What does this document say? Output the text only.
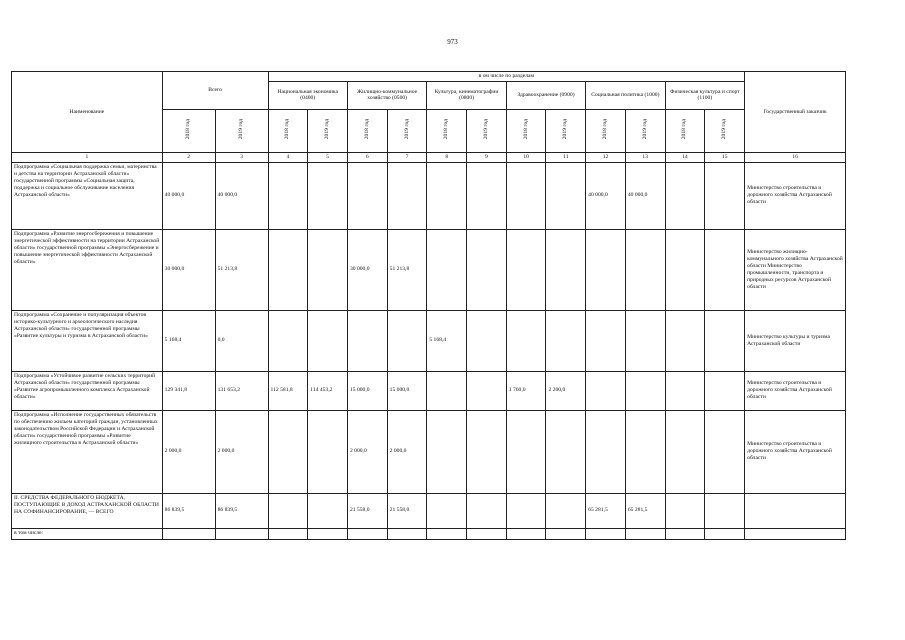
973
Наименование	Всего		в ом числе по разделам												Государственный заказчик
			Национальная экономика (0400)		Жилищно-коммунальное хозяйство (0500)		Культура, кинематографии (0800)		Здравоохранение (0900)		Социальная политика (1000)		Физическая культура и спорт (1100)		
	2018 год	2019 год	2018 год	2019 год	2018 год	2019 год	2018 год	2019 год	2018 год	2019 год	2018 год	2019 год	2018 год	2019 год	
1	2	3	4	5	6	7	8	9	10	11	12	13	14	15	16
Подпрограмма «Социальная поддержка семьи, материнства и детства на территории Астраханской области» государственной программы «Социальная защита, поддержка и социальное обслуживание населения Астраханской области»	40 000,0	40 000,0									40 000,0	40 000,0			Министерство строительства и дорожного хозяйства Астраханской области
Подпрограмма «Развитие энергосбережения и повышение энергетической эффективности на территории Астраханской области» государственной программы «Энергосбережение и повышение энергетической эффективности Астраханской области»	30 000,0	51 213,8			30 000,0	51 213,8									Министерство жилищно-коммунального хозяйства Астраханской области Министерство промышленности, транспорта и природных ресурсов Астраханской области
Подпрограмма «Сохранение и популяризация объектов историко-культурного и археологического наследия Астраханской области» государственной программы «Развитие культуры и туризма в Астраханской области»	5 168,4	0,0					5 168,4								Министерство культуры и туризма Астраханской области
Подпрограмма «Устойчивое развитие сельских территорий Астраханской области» государственной программы «Развитие агропромышленного комплекса Астраханской области»	129 341,8	131 653,2	112 581,8	114 453,2	15 000,0	15 000,0			1 760,0	2 200,0					Министерство строительства и дорожного хозяйства Астраханской области
Подпрограмма «Исполнение государственных обязательств по обеспечению жильем категорий граждан, установленных законодательством Российской Федерации и Астраханской области» государственной программы «Развитие жилищного строительства в Астраханской области»	2 000,0	2 000,0			2 000,0	2 000,0									Министерство строительства и дорожного хозяйства Астраханской области
II. СРЕДСТВА ФЕДЕРАЛЬНОГО БЮДЖЕТА, ПОСТУПАЮЩИЕ В ДОХОД АСТРАХАНСКОЙ ОБЛАСТИ НА СОФИНАНСИРОВАНИЕ, — ВСЕГО	86 839,5	86 839,5			21 558,0	21 558,0					65 281,5	65 281,5			
в том числе:															
